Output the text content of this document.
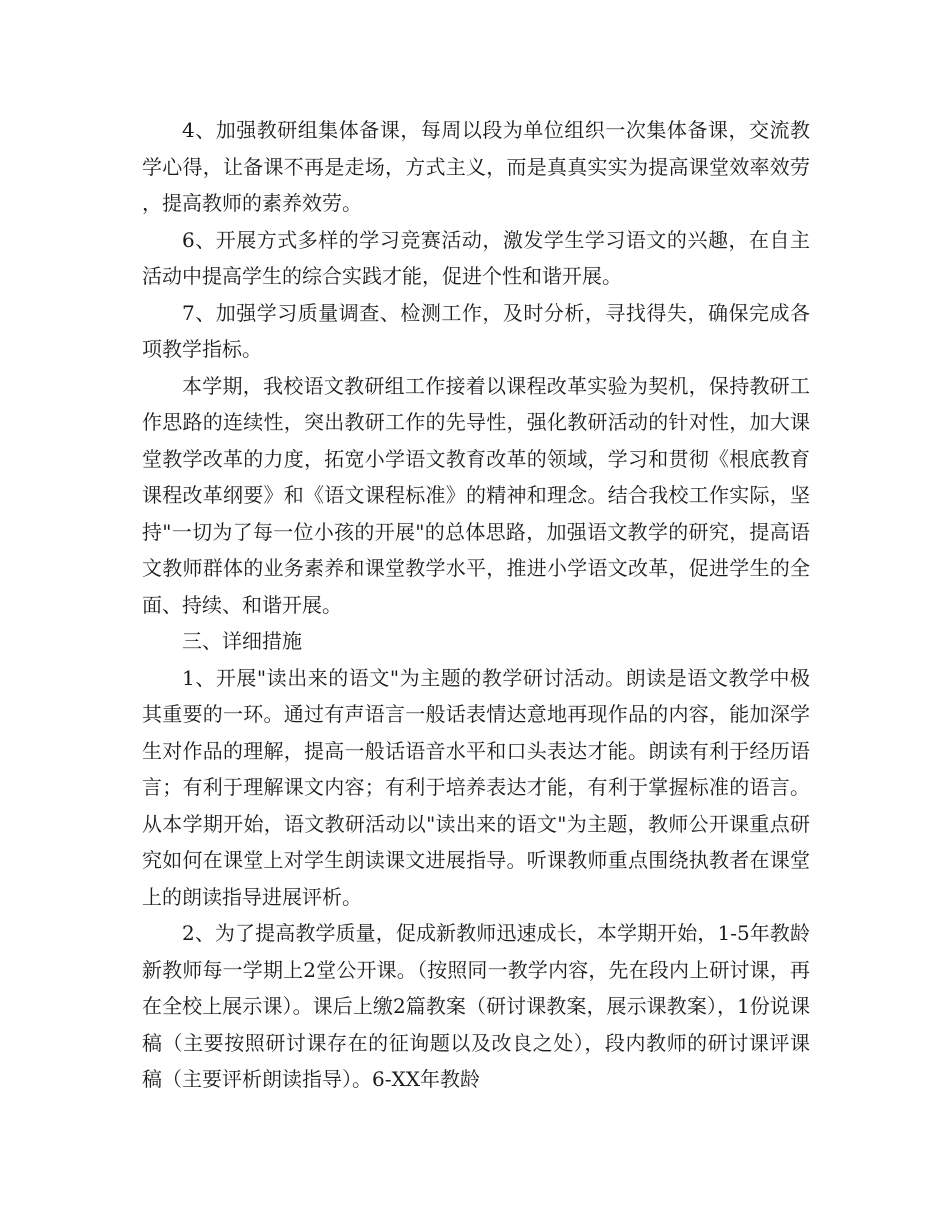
4、加强教研组集体备课，每周以段为单位组织一次集体备课，交流教学心得，让备课不再是走场，方式主义，而是真真实实为提高课堂效率效劳，提高教师的素养效劳。

6、开展方式多样的学习竞赛活动，激发学生学习语文的兴趣，在自主活动中提高学生的综合实践才能，促进个性和谐开展。

7、加强学习质量调查、检测工作，及时分析，寻找得失，确保完成各项教学指标。

本学期，我校语文教研组工作接着以课程改革实验为契机，保持教研工作思路的连续性，突出教研工作的先导性，强化教研活动的针对性，加大课堂教学改革的力度，拓宽小学语文教育改革的领域，学习和贯彻《根底教育课程改革纲要》和《语文课程标准》的精神和理念。结合我校工作实际，坚持"一切为了每一位小孩的开展"的总体思路，加强语文教学的研究，提高语文教师群体的业务素养和课堂教学水平，推进小学语文改革，促进学生的全面、持续、和谐开展。

三、详细措施

1、开展"读出来的语文"为主题的教学研讨活动。朗读是语文教学中极其重要的一环。通过有声语言一般话表情达意地再现作品的内容，能加深学生对作品的理解，提高一般话语音水平和口头表达才能。朗读有利于经历语言；有利于理解课文内容；有利于培养表达才能，有利于掌握标准的语言。从本学期开始，语文教研活动以"读出来的语文"为主题，教师公开课重点研究如何在课堂上对学生朗读课文进展指导。听课教师重点围绕执教者在课堂上的朗读指导进展评析。

2、为了提高教学质量，促成新教师迅速成长，本学期开始，1-5年教龄新教师每一学期上2堂公开课。（按照同一教学内容，先在段内上研讨课，再在全校上展示课）。课后上缴2篇教案（研讨课教案，展示课教案），1份说课稿（主要按照研讨课存在的征询题以及改良之处），段内教师的研讨课评课稿（主要评析朗读指导）。6-XX年教龄
